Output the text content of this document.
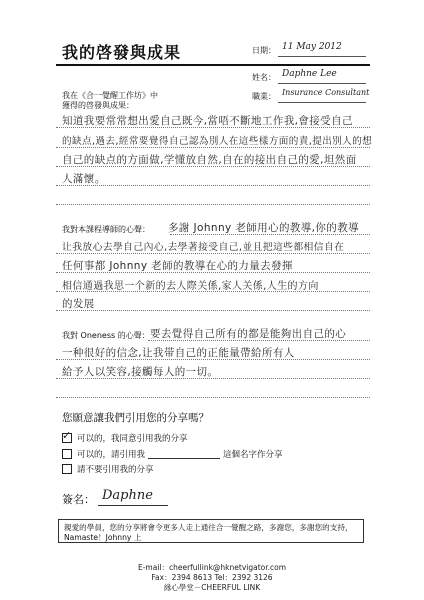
我的啓發與成果	日期： 11 May 2012
姓名： Daphne Lee
職業： Insurance Consultant
我在《合一覺醒工作坊》中
獲得的啓發與成果：
知道我要常常想出愛自己既今,當唔不斷地工作我,會接受自己
的缺点,過去,經常要覺得自己認為別人在這些樣方面的責,提出別人的想
自己的缺点的方面做,学懂放自然,自在的接出自己的愛,坦然面
人滿懷。
我對本課程導師的心聲： 多謝 Johnny 老師用心的教導,你的教導
让我放心去學自己內心,去學著接受自己,並且把這些都相信自在
任何事都 Johnny 老師的教導在心的力量去發揮
相信通過我思一个新的去人際关係,家人关係,人生的方向
的发展
我對 Oneness 的心聲： 要去覺得自己所有的都是能夠出自己的心
一种很好的信念,让我带自己的正能量帶給所有人
給予人以笑容,接觸每人的一切。
您願意讓我們引用您的分享嗎？
✓ 可以的，我同意引用我的分享
可以的，請引用我	這個名字作分享
請不要引用我的分享
簽名： Daphne
親愛的學員，您的分享將會令更多人走上通往合一覺醒之路，多謝您，多謝您的支持，
Namaste！Johnny 上
E-mail：cheerfullink@hknetvigator.com
Fax：2394 8613 Tel：2392 3126
緣心學堂－CHEERFUL LINK
